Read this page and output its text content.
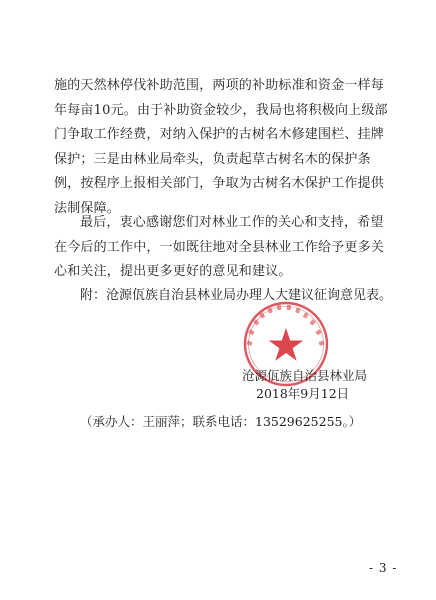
施的天然林停伐补助范围，两项的补助标准和资金一样每年每亩10元。由于补助资金较少，我局也将积极向上级部门争取工作经费，对纳入保护的古树名木修建围栏、挂牌保护；三是由林业局牵头，负责起草古树名木的保护条例，按程序上报相关部门，争取为古树名木保护工作提供法制保障。

最后，衷心感谢您们对林业工作的关心和支持，希望在今后的工作中，一如既往地对全县林业工作给予更多关心和关注，提出更多更好的意见和建议。

附：沧源佤族自治县林业局办理人大建议征询意见表。
沧源佤族自治县林业局
2018年9月12日
（承办人：王丽萍；联系电话：13529625255。）
- 3 -
